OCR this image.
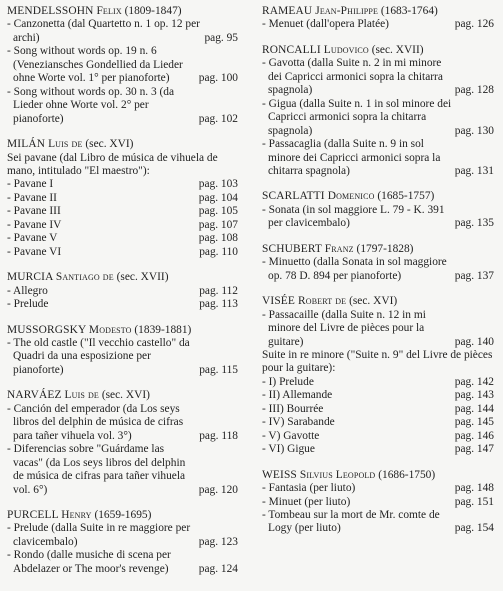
MENDELSSOHN Felix
(1809-1847)
- Canzonetta (dal Quartetto n. 1 op. 12 per archi)	pag. 95
- Song without words op. 19 n. 6 (Veneziansches Gondellied da Lieder ohne Worte vol. 1° per pianoforte)	pag. 100
- Song without words op. 30 n. 3 (da Lieder ohne Worte vol. 2° per pianoforte)	pag. 102
MILÁN Luis de
(sec. XVI)
Sei pavane (dal Libro de música de vihuela de mano, intitulado "El maestro"):
- Pavane I	pag. 103
- Pavane II	pag. 104
- Pavane III	pag. 105
- Pavane IV	pag. 107
- Pavane V	pag. 108
- Pavane VI	pag. 110
MURCIA Santiago de
(sec. XVII)
- Allegro	pag. 112
- Prelude	pag. 113
MUSSORGSKY Modesto
(1839-1881)
- The old castle ("Il vecchio castello" da Quadri da una esposizione per pianoforte)	pag. 115
NARVÁEZ Luis de
(sec. XVI)
- Canción del emperador (da Los seys libros del delphin de música de cifras para tañer vihuela vol. 3°)	pag. 118
- Diferencias sobre "Guárdame las vacas" (da Los seys libros del delphin de música de cifras para tañer vihuela vol. 6°)	pag. 120
PURCELL Henry
(1659-1695)
- Prelude (dalla Suite in re maggiore per clavicembalo)	pag. 123
- Rondo (dalle musiche di scena per Abdelazer or The moor's revenge)	pag. 124
RAMEAU Jean-Philippe
(1683-1764)
- Menuet (dall'opera Platée)	pag. 126
RONCALLI Ludovico
(sec. XVII)
- Gavotta (dalla Suite n. 2 in mi minore dei Capricci armonici sopra la chitarra spagnola)	pag. 128
- Gigua (dalla Suite n. 1 in sol minore dei Capricci armonici sopra la chitarra spagnola)	pag. 130
- Passacaglia (dalla Suite n. 9 in sol minore dei Capricci armonici sopra la chitarra spagnola)	pag. 131
SCARLATTI Domenico
(1685-1757)
- Sonata (in sol maggiore L. 79 - K. 391 per clavicembalo)	pag. 135
SCHUBERT Franz
(1797-1828)
- Minuetto (dalla Sonata in sol maggiore op. 78 D. 894 per pianoforte)	pag. 137
VISÉE Robert de
(sec. XVI)
- Passacaille (dalla Suite n. 12 in mi minore del Livre de pièces pour la guitare)	pag. 140
Suite in re minore ("Suite n. 9" del Livre de pièces pour la guitare):
- I) Prelude	pag. 142
- II) Allemande	pag. 143
- III) Bourrée	pag. 144
- IV) Sarabande	pag. 145
- V) Gavotte	pag. 146
- VI) Gigue	pag. 147
WEISS Silvius Leopold
(1686-1750)
- Fantasia (per liuto)	pag. 148
- Minuet (per liuto)	pag. 151
- Tombeau sur la mort de Mr. comte de Logy (per liuto)	pag. 154
